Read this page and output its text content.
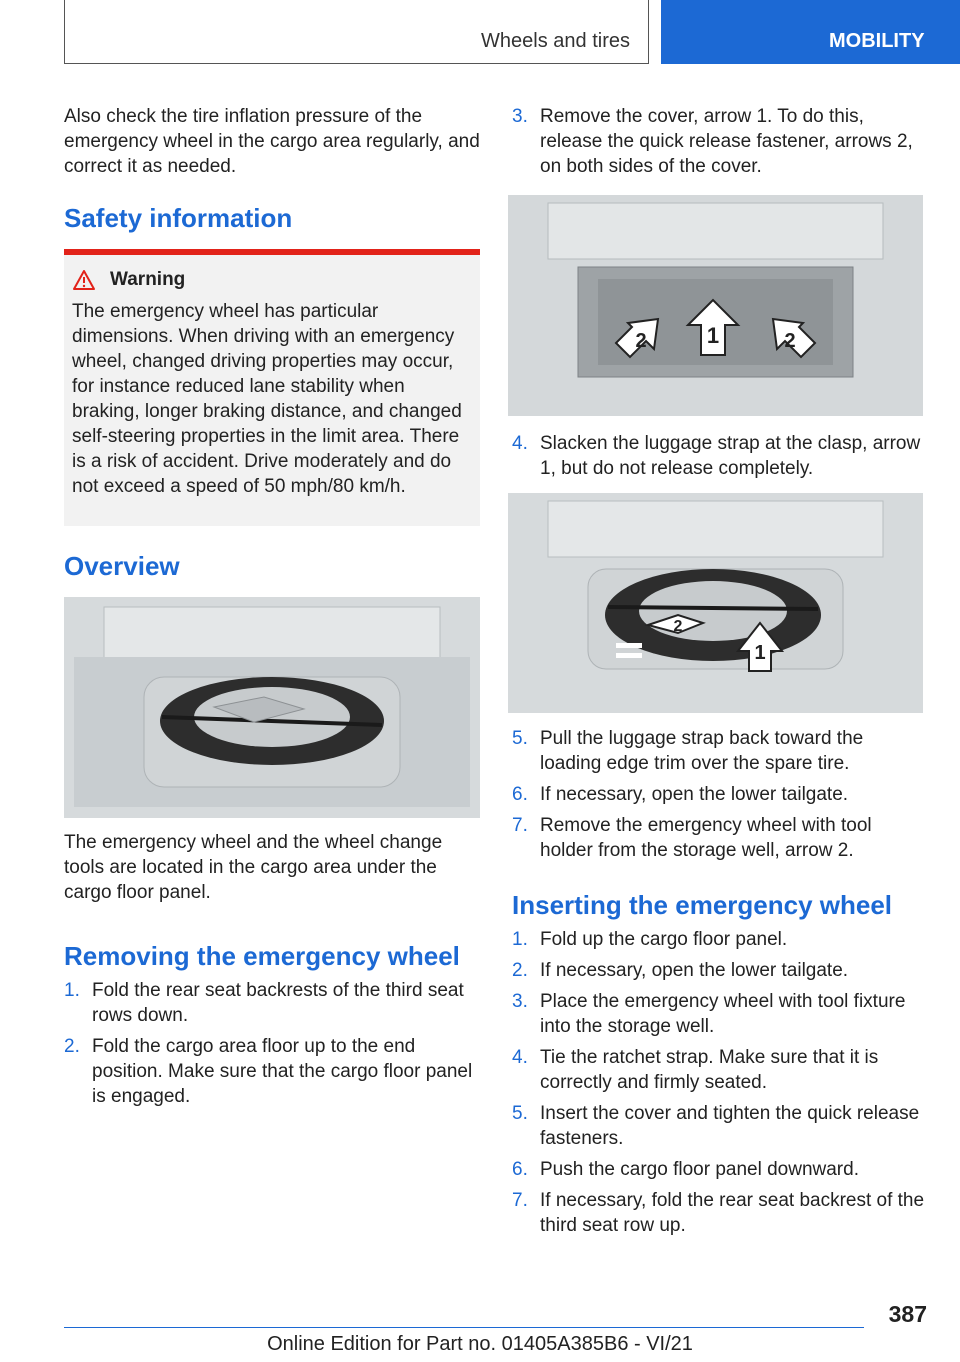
Wheels and tires	MOBILITY

Also check the tire inflation pressure of the emergency wheel in the cargo area regularly, and correct it as needed.

Safety information
Warning

The emergency wheel has particular dimensions. When driving with an emergency wheel, changed driving properties may occur, for instance reduced lane stability when braking, longer braking distance, and changed self-steering properties in the limit area. There is a risk of accident. Drive moderately and do not exceed a speed of 50 mph/80 km/h.

Overview

The emergency wheel and the wheel change tools are located in the cargo area under the cargo floor panel.

Removing the emergency wheel
1. Fold the rear seat backrests of the third seat rows down.
2. Fold the cargo area floor up to the end position. Make sure that the cargo floor panel is engaged.
3. Remove the cover, arrow 1. To do this, release the quick release fastener, arrows 2, on both sides of the cover.
1
2	2
4. Slacken the luggage strap at the clasp, arrow 1, but do not release completely.
1
2
5. Pull the luggage strap back toward the loading edge trim over the spare tire.
6. If necessary, open the lower tailgate.
7. Remove the emergency wheel with tool holder from the storage well, arrow 2.
Inserting the emergency wheel
1. Fold up the cargo floor panel.
2. If necessary, open the lower tailgate.
3. Place the emergency wheel with tool fixture into the storage well.
4. Tie the ratchet strap. Make sure that it is correctly and firmly seated.
5. Insert the cover and tighten the quick release fasteners.
6. Push the cargo floor panel downward.
7. If necessary, fold the rear seat backrest of the third seat row up.
387
Online Edition for Part no. 01405A385B6 - VI/21
